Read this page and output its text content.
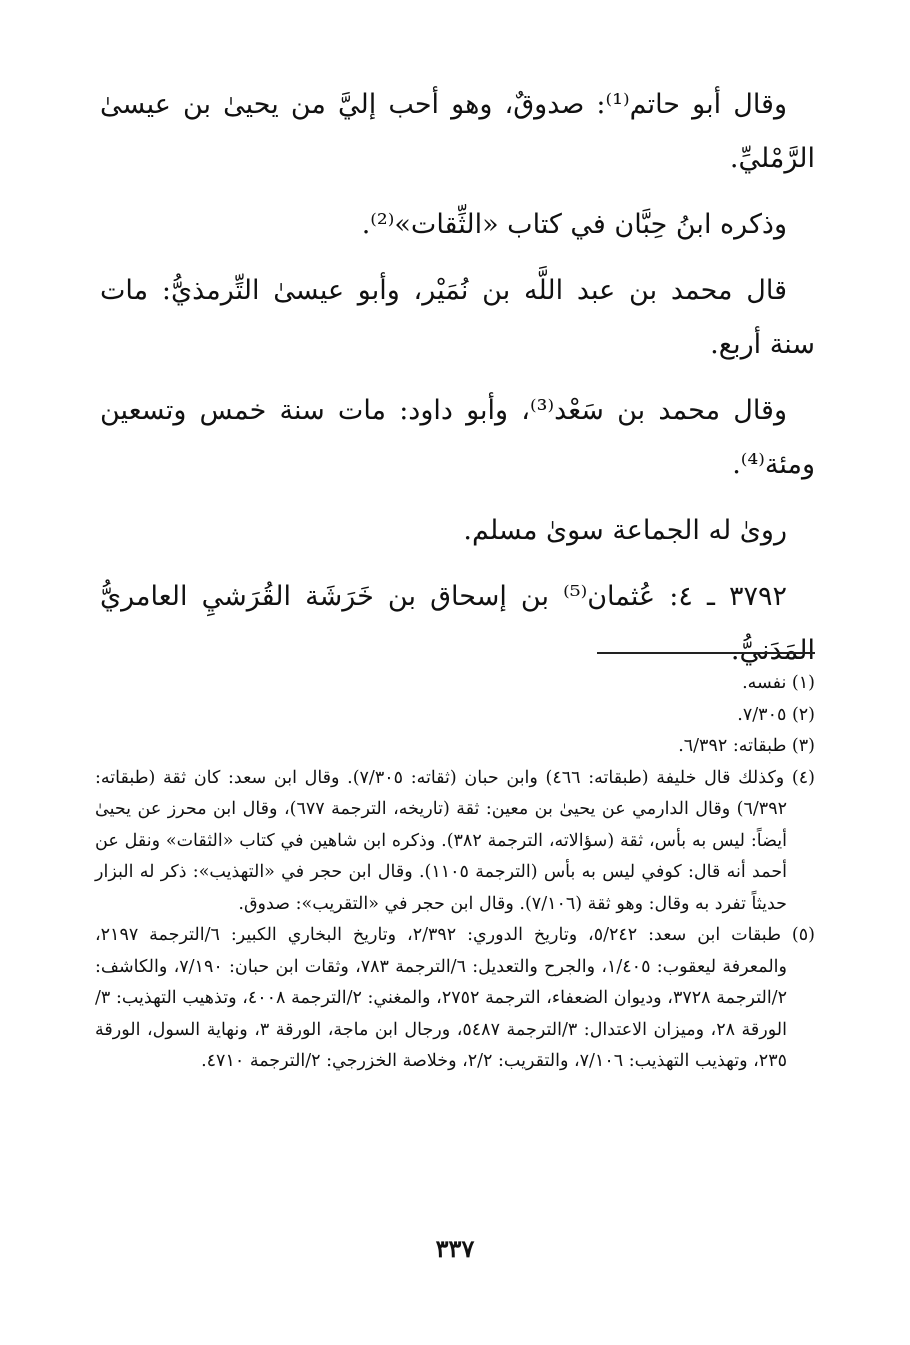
وقال أبو حاتم⁽¹⁾: صدوقٌ، وهو أحب إليَّ من يحيىٰ بن عيسىٰ الرَّمْليِّ.

وذكره ابنُ حِبَّان في كتاب «الثِّقات»⁽²⁾.

قال محمد بن عبد اللَّه بن نُمَيْر، وأبو عيسىٰ التِّرمذيُّ: مات سنة أربع.

وقال محمد بن سَعْد⁽³⁾، وأبو داود: مات سنة خمس وتسعين ومئة⁽⁴⁾.

روىٰ له الجماعة سوىٰ مسلم.

٣٧٩٢ ـ ٤: عُثمان⁽⁵⁾ بن إسحاق بن خَرَشَة القُرَشيِ العامريُّ المَدَنيُّ.

(١) نفسه.

(٢) ٧/٣٠٥.

(٣) طبقاته: ٦/٣٩٢.

(٤) وكذلك قال خليفة (طبقاته: ٤٦٦) وابن حبان (ثقاته: ٧/٣٠٥). وقال ابن سعد: كان ثقة (طبقاته: ٦/٣٩٢) وقال الدارمي عن يحيىٰ بن معين: ثقة (تاريخه، الترجمة ٦٧٧)، وقال ابن محرز عن يحيىٰ أيضاً: ليس به بأس، ثقة (سؤالاته، الترجمة ٣٨٢). وذكره ابن شاهين في كتاب «الثقات» ونقل عن أحمد أنه قال: كوفي ليس به بأس (الترجمة ١١٠٥). وقال ابن حجر في «التهذيب»: ذكر له البزار حديثاً تفرد به وقال: وهو ثقة (٧/١٠٦). وقال ابن حجر في «التقريب»: صدوق.

(٥) طبقات ابن سعد: ٥/٢٤٢، وتاريخ الدوري: ٢/٣٩٢، وتاريخ البخاري الكبير: ٦/الترجمة ٢١٩٧، والمعرفة ليعقوب: ١/٤٠٥، والجرح والتعديل: ٦/الترجمة ٧٨٣، وثقات ابن حبان: ٧/١٩٠، والكاشف: ٢/الترجمة ٣٧٢٨، وديوان الضعفاء، الترجمة ٢٧٥٢، والمغني: ٢/الترجمة ٤٠٠٨، وتذهيب التهذيب: ٣/الورقة ٢٨، وميزان الاعتدال: ٣/الترجمة ٥٤٨٧، ورجال ابن ماجة، الورقة ٣، ونهاية السول، الورقة ٢٣٥، وتهذيب التهذيب: ٧/١٠٦، والتقريب: ٢/٢، وخلاصة الخزرجي: ٢/الترجمة ٤٧١٠.

٣٣٧
